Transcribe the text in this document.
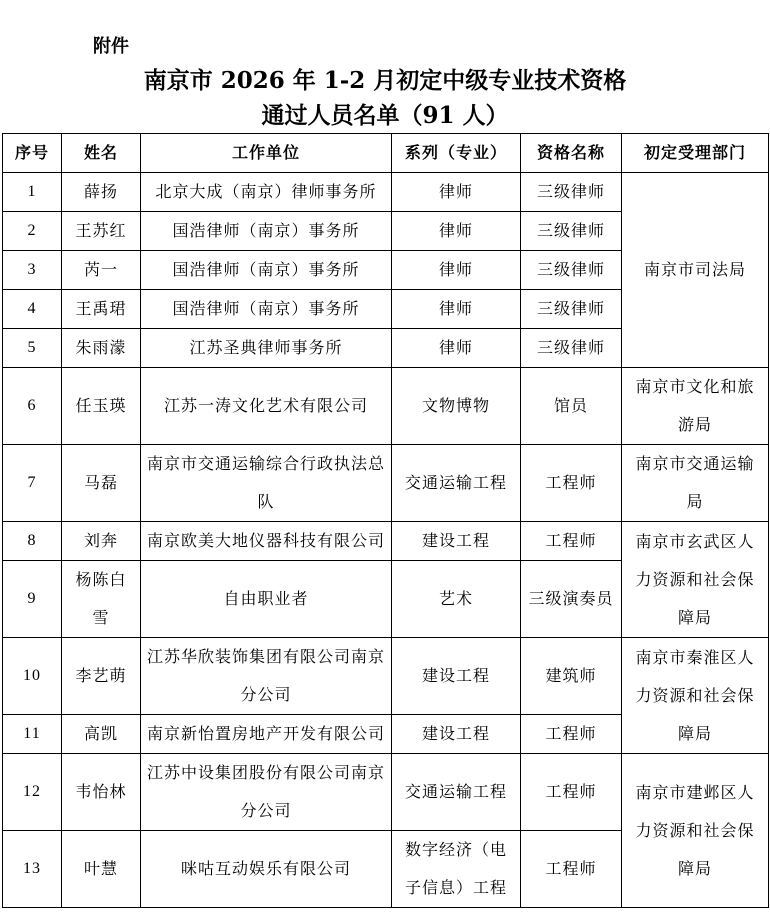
附件
南京市 2026 年 1-2 月初定中级专业技术资格
通过人员名单（91 人）
序号	姓名	工作单位	系列（专业）	资格名称	初定受理部门
1	薛扬	北京大成（南京）律师事务所	律师	三级律师	南京市司法局
2	王苏红	国浩律师（南京）事务所	律师	三级律师	
3	芮一	国浩律师（南京）事务所	律师	三级律师	
4	王禹珺	国浩律师（南京）事务所	律师	三级律师	
5	朱雨濛	江苏圣典律师事务所	律师	三级律师	
6	任玉瑛	江苏一涛文化艺术有限公司	文物博物	馆员	南京市文化和旅游局
7	马磊	南京市交通运输综合行政执法总队	交通运输工程	工程师	南京市交通运输局
8	刘奔	南京欧美大地仪器科技有限公司	建设工程	工程师	南京市玄武区人力资源和社会保障局
9	杨陈白雪	自由职业者	艺术	三级演奏员	
10	李艺萌	江苏华欣装饰集团有限公司南京分公司	建设工程	建筑师	南京市秦淮区人力资源和社会保障局
11	高凯	南京新怡置房地产开发有限公司	建设工程	工程师	
12	韦怡林	江苏中设集团股份有限公司南京分公司	交通运输工程	工程师	南京市建邺区人力资源和社会保障局
13	叶慧	咪咕互动娱乐有限公司	数字经济（电子信息）工程	工程师	
